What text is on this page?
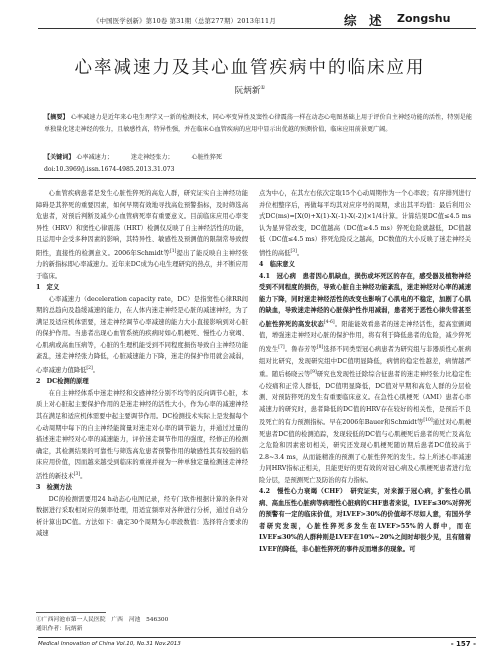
《中国医学创新》第10卷 第31期（总第277期）2013年11月	综　述 Zongshu
心率减速力及其心血管疾病中的临床应用
阮炳新①
【摘要】 心率减速力是近年来心电生理学又一新的检测技术，同心率变异性及窦性心律震荡一样在动态心电图基础上用于评价自主神经功能的活性，特别是能单独量化迷走神经的张力，且敏感性高，特异性强，并在临床心血管疾病的应用中显示出优越的预测价值，临床应用前景更广阔。
【关键词】 心率减速力；	迷走神经张力；	心脏性猝死
doi:10.3969/j.issn.1674-4985.2013.31.073

心血管疾病患者是发生心脏性猝死的高危人群，研究证实自主神经功能障碍是其猝死的重要因素，如何早期有效地寻找高危预警指标，及时筛选高危患者，对预后判断及减少心血管病死率有重要意义。目前临床应用心率变异性（HRV）和窦性心律震荡（HRT）检测仅反映了自主神经活性的功能，且运用中会受多种因素的影响，其特异性、敏感性及预测值的限制常导致假阳性，直接性的检测意义。2006年Schmidt等[1]提出了能反映自主神经张力的新指标即心率减速力。近年来DC成为心电生理研究的热点，并不断应用于临床。

1　定义

心率减速力（deceleration capacity rate，DC）是指窦性心律RR间期的总趋向及趋缓减速的能力，在人体内迷走神经是心脏的减速神经，为了满足及适应机体需要，迷走神经调节心率减速的能力大小直接影响到对心脏的保护作用。当患者出现心血管系统的疾病时如心肌梗死、慢性心力衰竭、心肌病或高血压病等，心脏的生理机能受到不同程度损伤导致自主神经功能紊乱，迷走神经张力降低，心脏减速能力下降，迷走的保护作用就会减弱，心率减速力值降低[2]。

2　DC检测的原理

在自主神经体系中迷走神经和交感神经分别不均等的反向调节心脏，本质上对心脏起主要保护作用的是迷走神经的活性大小，作为心率的减速神经其在满足和适应机体需要中起主要调节作用。DC检测技术实际上是发掘每个心动周期中每下的自主神经能简量对迷走对心率的调节能力，并通过过量的描述迷走神经对心率的减速能力，评价迷走调节作用的强度，经修正的检测确定，其检测结果的可靠性与筛选高危患者预警作用的敏感性其有较强的临床应用价值，因而越来越受到临床的重视并视为一种单独定量检测迷走神经活性的新技术[3]。

3　检测方法

DC的检测需要用24 h动态心电图记录，经专门软件根据计算的条件对数据进行采取相对应的频率处理，用适宜频率对各种进行分析，通过自动分析计算出DC值。方法如下：确定30个周期为心率段数值：选择符合要求的减速

点为中心，在其左右依次定取15个心动周期作为一个心率段；有序排列进行并位相整序后，再做每平均其对应序号的周期，求出其平均值：最后利用公式DC(ms)=[X(0)+X(1)-X(-1)-X(-2)]×1/4计算。计算结果DC值≤4.5 ms认为显异常改变，DC值越高（DC值≥4.5 ms）猝死危险就越低，DC值越低（DC值≤4.5 ms）猝死危险反之越高，DC数值的大小反映了迷走神经关情性的高低[3]。

4　临床意义

4.1　冠心病　患者因心肌缺血，损伤或坏死区的存在，感受器及植物神经受到不同程度的损伤，导致心脏自主神经功能紊乱，迷走神经对心率的减速能力下降，同时迷走神经活性的改变也影响了心肌电的不稳定，加剧了心肌的缺血，导致迷走神经的心脏保护性作用减弱，患者死于恶性心律失常甚至心脏性猝死的高发状态[4-6]。阳能能效看患者的迷走神经活性，提高室颤阈值，增强迷走神经对心脏的保护作用，将有利于降低患者的危险，减少猝死的发生[7]。鲁春芳等[8]选择不同类型冠心病患者为研究组与非器质性心脏病组对比研究，发现研究组中DC值明显降低，病情的稳定性越差，病情越严重。随后杨晓云等[9]研究也发现性迁除综合征患者的迷走神经张力比稳定性心绞痛和正常人群低，DC值明显降低，DC值对早期和高危人群的分层检测、对预防猝死的发生有重要临床意义。在急性心肌梗死（AMI）患者心率减速力的研究时，患者降低的DC值的HRV存在较好的相关性，是预后不良及死亡的有力预测指标。早在2006年Bauer和Schmidt等[10]通过对心肌梗死患者DC值的检测追踪，发现较低的DC值与心肌梗死后患者的死亡及高危之危险和因素密切相关，研究还发现心肌梗死随访期后患者DC值较高于2.8~3.4 ms，从而能精准的预测了心脏性猝死的发生。综上所述心率减速力同HRV指标正相关，且能更好的更有效的对冠心病及心肌梗死患者进行危险分层，是预测死亡及防治的有力指标。

4.2　慢性心力衰竭（CHF）　研究证实，对来源于冠心病，扩张性心肌病、高血压性心脏病等病理性心脏病的CHF患者来说，LVEF≤30%对猝死的预警有一定的临床价值，对LVEF>30%的价值却不尽如人意，有国外学者研究发现，心脏性猝死多发生在LVEF>55%的人群中，而在LVEF≤30%的人群种则是LVEF在10%~20%之间时却很少见，且有随着LVEF的降低，非心脏性猝死的事件反而增多的现象。可

①广西河池市第一人民医院　广西　河池　546300
通讯作者：阮炳新
Medical Innovation of China Vol.10, No.31 Nov.2013	- 157 -
